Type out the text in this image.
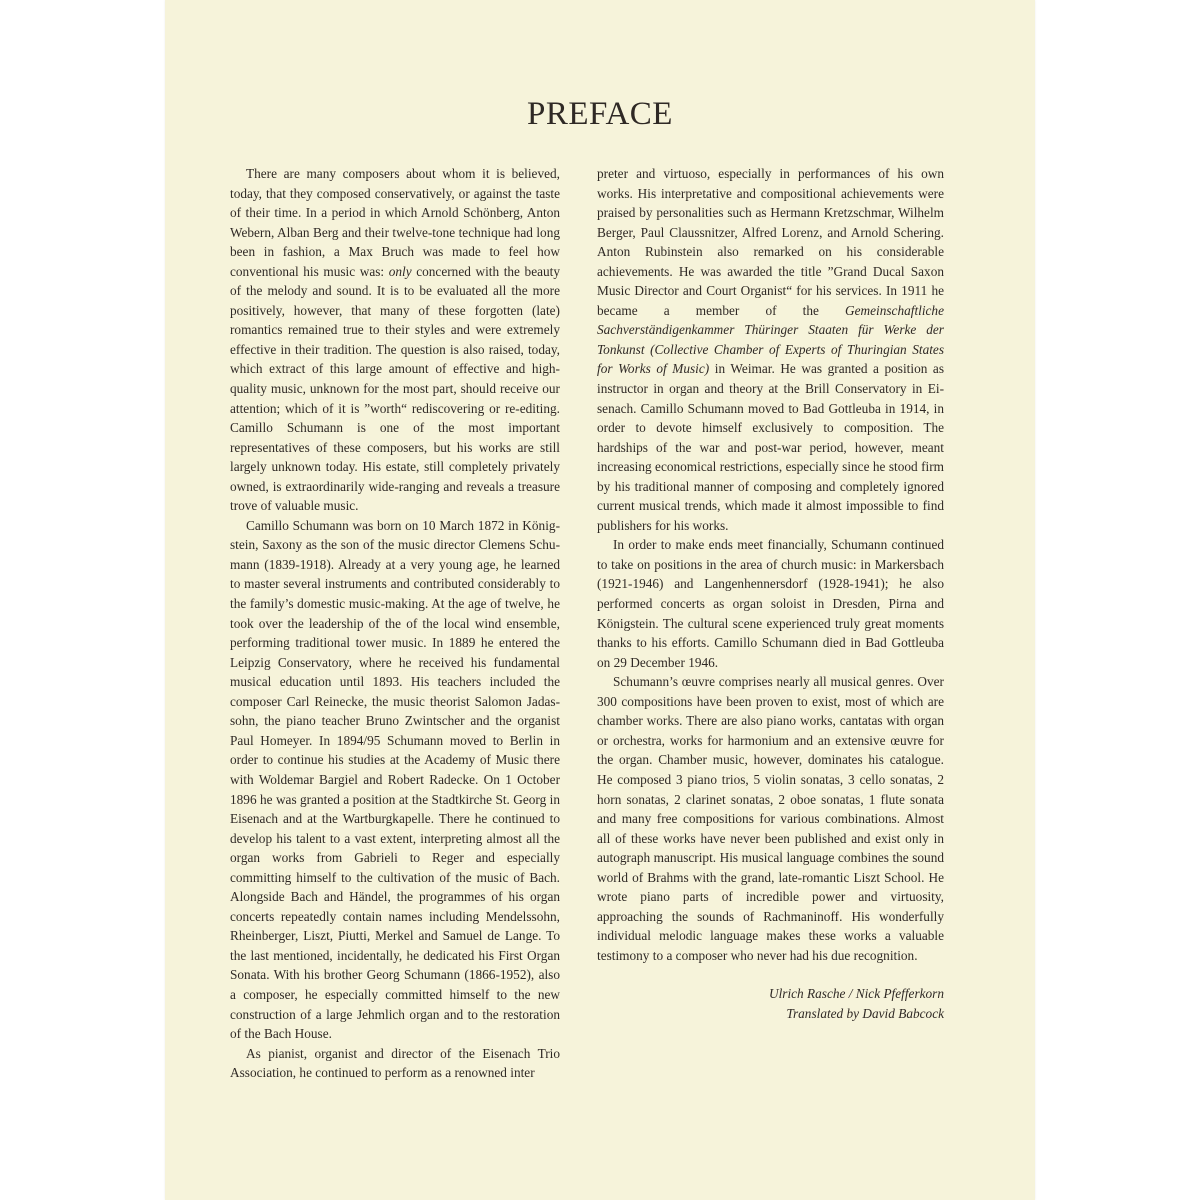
PREFACE

There are many composers about whom it is believed, today, that they composed conservatively, or against the taste of their time. In a period in which Arnold Schönberg, Anton Webern, Alban Berg and their twelve-tone technique had long been in fashion, a Max Bruch was made to feel how conventional his music was: only concerned with the beauty of the melody and sound. It is to be evaluated all the more positively, however, that many of these forgotten (late) romantics remained true to their styles and were extremely effective in their tradition. The question is also raised, today, which extract of this large amount of effective and high-quality music, unknown for the most part, should receive our attention; which of it is ”worth“ rediscovering or re-editing. Camillo Schumann is one of the most important representatives of these composers, but his works are still largely unknown today. His estate, still completely privately owned, is extraordinarily wide-ranging and reveals a treasure trove of valuable music.

Camillo Schumann was born on 10 March 1872 in Königstein, Saxony as the son of the music director Clemens Schumann (1839-1918). Already at a very young age, he learned to master several instruments and contributed considerably to the family’s domestic music-making. At the age of twelve, he took over the leadership of the of the local wind ensemble, performing traditional tower music. In 1889 he entered the Leipzig Conservatory, where he received his fundamental musical education until 1893. His teachers included the composer Carl Reinecke, the music theorist Salomon Jadassohn, the piano teacher Bruno Zwintscher and the organist Paul Homeyer. In 1894/95 Schumann moved to Berlin in order to continue his studies at the Academy of Music there with Woldemar Bargiel and Robert Radecke. On 1 October 1896 he was granted a position at the Stadtkirche St. Georg in Eisenach and at the Wartburgkapelle. There he continued to develop his talent to a vast extent, interpreting almost all the organ works from Gabrieli to Reger and especially committing himself to the cultivation of the music of Bach. Alongside Bach and Händel, the programmes of his organ concerts repeatedly contain names including Mendelssohn, Rheinberger, Liszt, Piutti, Merkel and Samuel de Lange. To the last mentioned, incidentally, he dedicated his First Organ Sonata. With his brother Georg Schumann (1866-1952), also a composer, he especially committed himself to the new construction of a large Jehmlich organ and to the restoration of the Bach House.

As pianist, organist and director of the Eisenach Trio Association, he continued to perform as a renowned inter

preter and virtuoso, especially in performances of his own works. His interpretative and compositional achievements were praised by personalities such as Hermann Kretzschmar, Wilhelm Berger, Paul Claussnitzer, Alfred Lorenz, and Arnold Schering. Anton Rubinstein also remarked on his considerable achievements. He was awarded the title ”Grand Ducal Saxon Music Director and Court Organist“ for his services. In 1911 he became a member of the Gemeinschaftliche Sachverständigenkammer Thüringer Staaten für Werke der Tonkunst (Collective Chamber of Experts of Thuringian States for Works of Music) in Weimar. He was granted a position as instructor in organ and theory at the Brill Conservatory in Eisenach. Camillo Schumann moved to Bad Gottleuba in 1914, in order to devote himself exclusively to composition. The hardships of the war and post-war period, however, meant increasing economical restrictions, especially since he stood firm by his traditional manner of composing and completely ignored current musical trends, which made it almost impossible to find publishers for his works.

In order to make ends meet financially, Schumann continued to take on positions in the area of church music: in Markersbach (1921-1946) and Langenhennersdorf (1928-1941); he also performed concerts as organ soloist in Dresden, Pirna and Königstein. The cultural scene experienced truly great moments thanks to his efforts. Camillo Schumann died in Bad Gottleuba on 29 December 1946.

Schumann’s œuvre comprises nearly all musical genres. Over 300 compositions have been proven to exist, most of which are chamber works. There are also piano works, cantatas with organ or orchestra, works for harmonium and an extensive œuvre for the organ. Chamber music, however, dominates his catalogue. He composed 3 piano trios, 5 violin sonatas, 3 cello sonatas, 2 horn sonatas, 2 clarinet sonatas, 2 oboe sonatas, 1 flute sonata and many free compositions for various combinations. Almost all of these works have never been published and exist only in autograph manuscript. His musical language combines the sound world of Brahms with the grand, late-romantic Liszt School. He wrote piano parts of incredible power and virtuosity, approaching the sounds of Rachmaninoff. His wonderfully individual melodic language makes these works a valuable testimony to a composer who never had his due recognition.

Ulrich Rasche / Nick Pfefferkorn
Translated by David Babcock
